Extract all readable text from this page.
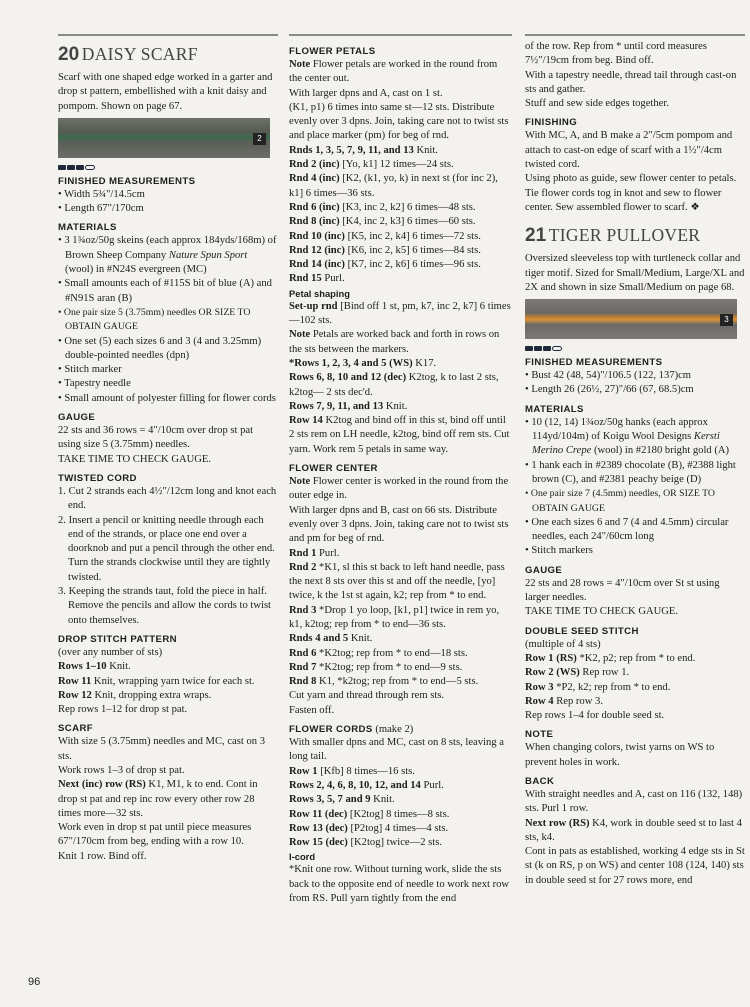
20 DAISY SCARF

Scarf with one shaped edge worked in a garter and drop st pattern, embellished with a knit daisy and pompom. Shown on page 67.

2
FINISHED MEASUREMENTS

• Width 5¾"/14.5cm

• Length 67"/170cm

MATERIALS

• 3 1¾oz/50g skeins (each approx 184yds/168m) of Brown Sheep Company Nature Spun Sport (wool) in #N24S evergreen (MC)

• Small amounts each of #115S bit of blue (A) and #N91S aran (B)

• One pair size 5 (3.75mm) needles OR SIZE TO OBTAIN GAUGE

• One set (5) each sizes 6 and 3 (4 and 3.25mm) double-pointed needles (dpn)

• Stitch marker

• Tapestry needle

• Small amount of polyester filling for flower cords

GAUGE

22 sts and 36 rows = 4"/10cm over drop st pat using size 5 (3.75mm) needles.

TAKE TIME TO CHECK GAUGE.

TWISTED CORD

1. Cut 2 strands each 4½"/12cm long and knot each end.

2. Insert a pencil or knitting needle through each end of the strands, or place one end over a doorknob and put a pencil through the other end. Turn the strands clockwise until they are tightly twisted.

3. Keeping the strands taut, fold the piece in half. Remove the pencils and allow the cords to twist onto themselves.

DROP STITCH PATTERN

(over any number of sts)

Rows 1–10 Knit.

Row 11 Knit, wrapping yarn twice for each st.

Row 12 Knit, dropping extra wraps.

Rep rows 1–12 for drop st pat.

SCARF

With size 5 (3.75mm) needles and MC, cast on 3 sts.

Work rows 1–3 of drop st pat.

Next (inc) row (RS) K1, M1, k to end. Cont in drop st pat and rep inc row every other row 28 times more—32 sts.

Work even in drop st pat until piece measures 67"/170cm from beg, ending with a row 10.

Knit 1 row. Bind off.

FLOWER PETALS

Note Flower petals are worked in the round from the center out.

With larger dpns and A, cast on 1 st.

(K1, p1) 6 times into same st—12 sts. Distribute evenly over 3 dpns. Join, taking care not to twist sts and place marker (pm) for beg of rnd.

Rnds 1, 3, 5, 7, 9, 11, and 13 Knit.

Rnd 2 (inc) [Yo, k1] 12 times—24 sts.

Rnd 4 (inc) [K2, (k1, yo, k) in next st (for inc 2), k1] 6 times—36 sts.

Rnd 6 (inc) [K3, inc 2, k2] 6 times—48 sts.

Rnd 8 (inc) [K4, inc 2, k3] 6 times—60 sts.

Rnd 10 (inc) [K5, inc 2, k4] 6 times—72 sts.

Rnd 12 (inc) [K6, inc 2, k5] 6 times—84 sts.

Rnd 14 (inc) [K7, inc 2, k6] 6 times—96 sts.

Rnd 15 Purl.

Petal shaping

Set-up rnd [Bind off 1 st, pm, k7, inc 2, k7] 6 times—102 sts.

Note Petals are worked back and forth in rows on the sts between the markers.

*Rows 1, 2, 3, 4 and 5 (WS) K17.

Rows 6, 8, 10 and 12 (dec) K2tog, k to last 2 sts, k2tog— 2 sts dec'd.

Rows 7, 9, 11, and 13 Knit.

Row 14 K2tog and bind off in this st, bind off until 2 sts rem on LH needle, k2tog, bind off rem sts. Cut yarn. Work rem 5 petals in same way.

FLOWER CENTER

Note Flower center is worked in the round from the outer edge in.

With larger dpns and B, cast on 66 sts. Distribute evenly over 3 dpns. Join, taking care not to twist sts and pm for beg of rnd.

Rnd 1 Purl.

Rnd 2 *K1, sl this st back to left hand needle, pass the next 8 sts over this st and off the needle, [yo] twice, k the 1st st again, k2; rep from * to end.

Rnd 3 *Drop 1 yo loop, [k1, p1] twice in rem yo, k1, k2tog; rep from * to end—36 sts.

Rnds 4 and 5 Knit.

Rnd 6 *K2tog; rep from * to end—18 sts.

Rnd 7 *K2tog; rep from * to end—9 sts.

Rnd 8 K1, *k2tog; rep from * to end—5 sts.

Cut yarn and thread through rem sts.

Fasten off.

FLOWER CORDS (make 2)

With smaller dpns and MC, cast on 8 sts, leaving a long tail.

Row 1 [Kfb] 8 times—16 sts.

Rows 2, 4, 6, 8, 10, 12, and 14 Purl.

Rows 3, 5, 7 and 9 Knit.

Row 11 (dec) [K2tog] 8 times—8 sts.

Row 13 (dec) [P2tog] 4 times—4 sts.

Row 15 (dec) [K2tog] twice—2 sts.

I-cord

*Knit one row. Without turning work, slide the sts back to the opposite end of needle to work next row from RS. Pull yarn tightly from the end

of the row. Rep from * until cord measures 7½"/19cm from beg. Bind off.

With a tapestry needle, thread tail through cast-on sts and gather.

Stuff and sew side edges together.

FINISHING

With MC, A, and B make a 2"/5cm pompom and attach to cast-on edge of scarf with a 1½"/4cm twisted cord.

Using photo as guide, sew flower center to petals. Tie flower cords tog in knot and sew to flower center. Sew assembled flower to scarf. ❖

21 TIGER PULLOVER

Oversized sleeveless top with turtleneck collar and tiger motif. Sized for Small/Medium, Large/XL and 2X and shown in size Small/Medium on page 68.

3
FINISHED MEASUREMENTS

• Bust 42 (48, 54)"/106.5 (122, 137)cm

• Length 26 (26½, 27)"/66 (67, 68.5)cm

MATERIALS

• 10 (12, 14) 1¾oz/50g hanks (each approx 114yd/104m) of Koigu Wool Designs Kersti Merino Crepe (wool) in #2180 bright gold (A)

• 1 hank each in #2389 chocolate (B), #2388 light brown (C), and #2381 peachy beige (D)

• One pair size 7 (4.5mm) needles, OR SIZE TO OBTAIN GAUGE

• One each sizes 6 and 7 (4 and 4.5mm) circular needles, each 24"/60cm long

• Stitch markers

GAUGE

22 sts and 28 rows = 4"/10cm over St st using larger needles.

TAKE TIME TO CHECK GAUGE.

DOUBLE SEED STITCH

(multiple of 4 sts)

Row 1 (RS) *K2, p2; rep from * to end.

Row 2 (WS) Rep row 1.

Row 3 *P2, k2; rep from * to end.

Row 4 Rep row 3.

Rep rows 1–4 for double seed st.

NOTE

When changing colors, twist yarns on WS to prevent holes in work.

BACK

With straight needles and A, cast on 116 (132, 148) sts. Purl 1 row.

Next row (RS) K4, work in double seed st to last 4 sts, k4.

Cont in pats as established, working 4 edge sts in St st (k on RS, p on WS) and center 108 (124, 140) sts in double seed st for 27 rows more, end

96
